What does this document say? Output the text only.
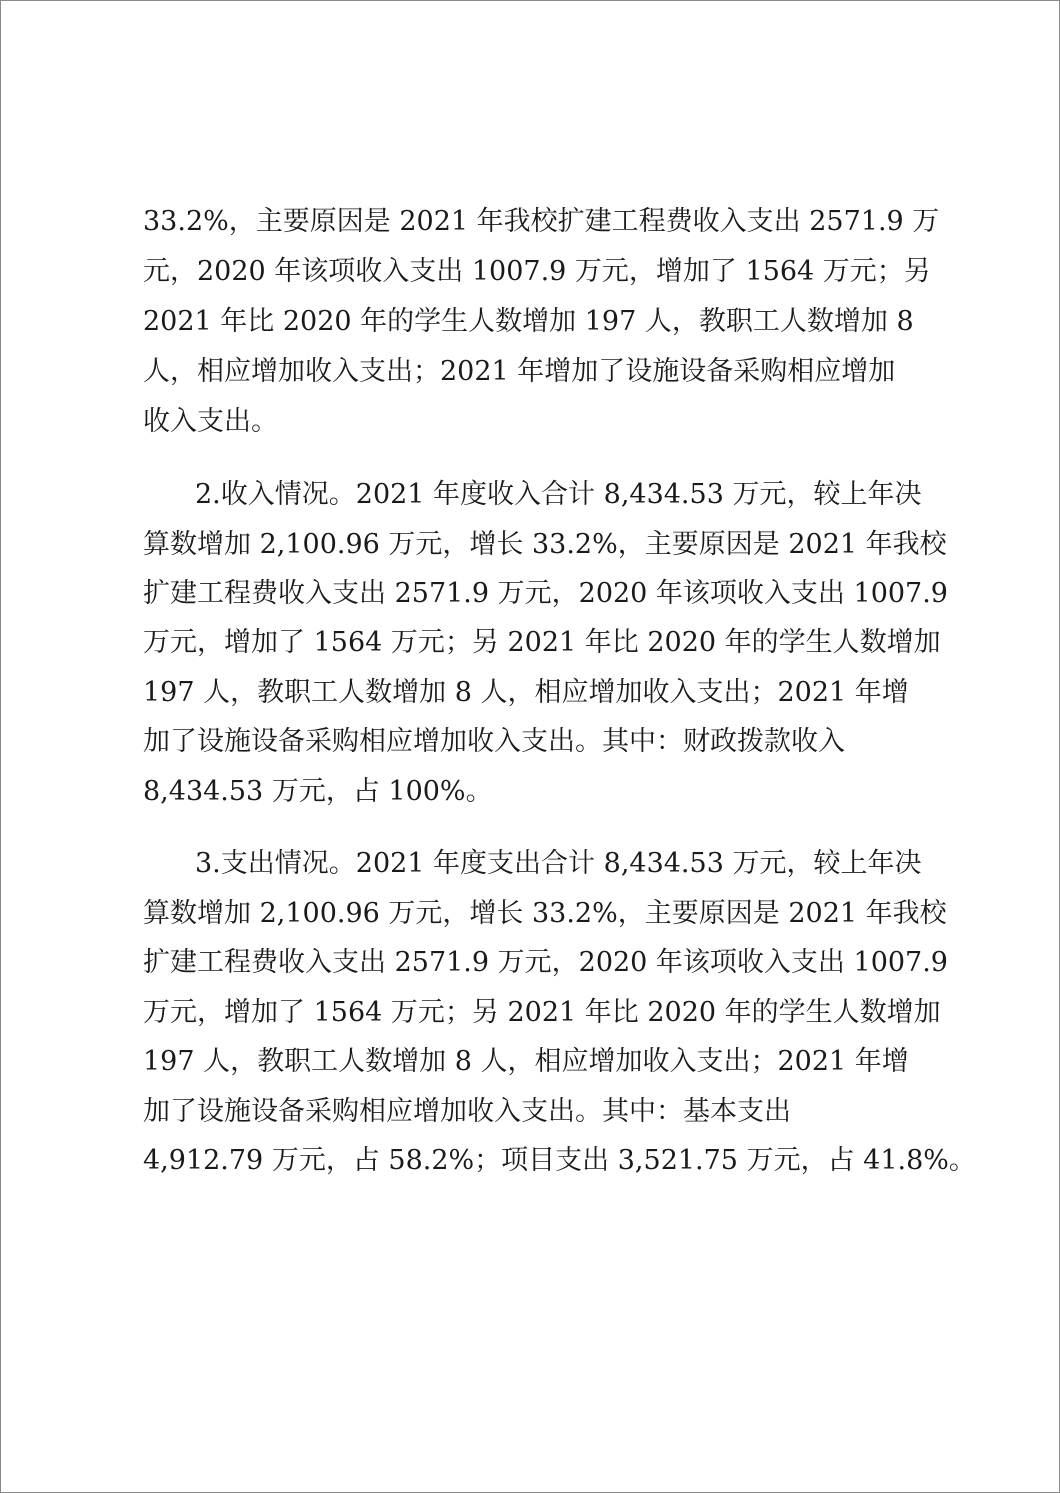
33.2%，主要原因是 2021 年我校扩建工程费收入支出 2571.9 万
元，2020 年该项收入支出 1007.9 万元，增加了 1564 万元；另
2021 年比 2020 年的学生人数增加 197 人，教职工人数增加 8
人，相应增加收入支出；2021 年增加了设施设备采购相应增加
收入支出。
2.收入情况。2021 年度收入合计 8,434.53 万元，较上年决
算数增加 2,100.96 万元，增长 33.2%，主要原因是 2021 年我校
扩建工程费收入支出 2571.9 万元，2020 年该项收入支出 1007.9
万元，增加了 1564 万元；另 2021 年比 2020 年的学生人数增加
197 人，教职工人数增加 8 人，相应增加收入支出；2021 年增
加了设施设备采购相应增加收入支出。其中：财政拨款收入
8,434.53 万元，占 100%。
3.支出情况。2021 年度支出合计 8,434.53 万元，较上年决
算数增加 2,100.96 万元，增长 33.2%，主要原因是 2021 年我校
扩建工程费收入支出 2571.9 万元，2020 年该项收入支出 1007.9
万元，增加了 1564 万元；另 2021 年比 2020 年的学生人数增加
197 人，教职工人数增加 8 人，相应增加收入支出；2021 年增
加了设施设备采购相应增加收入支出。其中：基本支出
4,912.79 万元，占 58.2%；项目支出 3,521.75 万元，占 41.8%。
